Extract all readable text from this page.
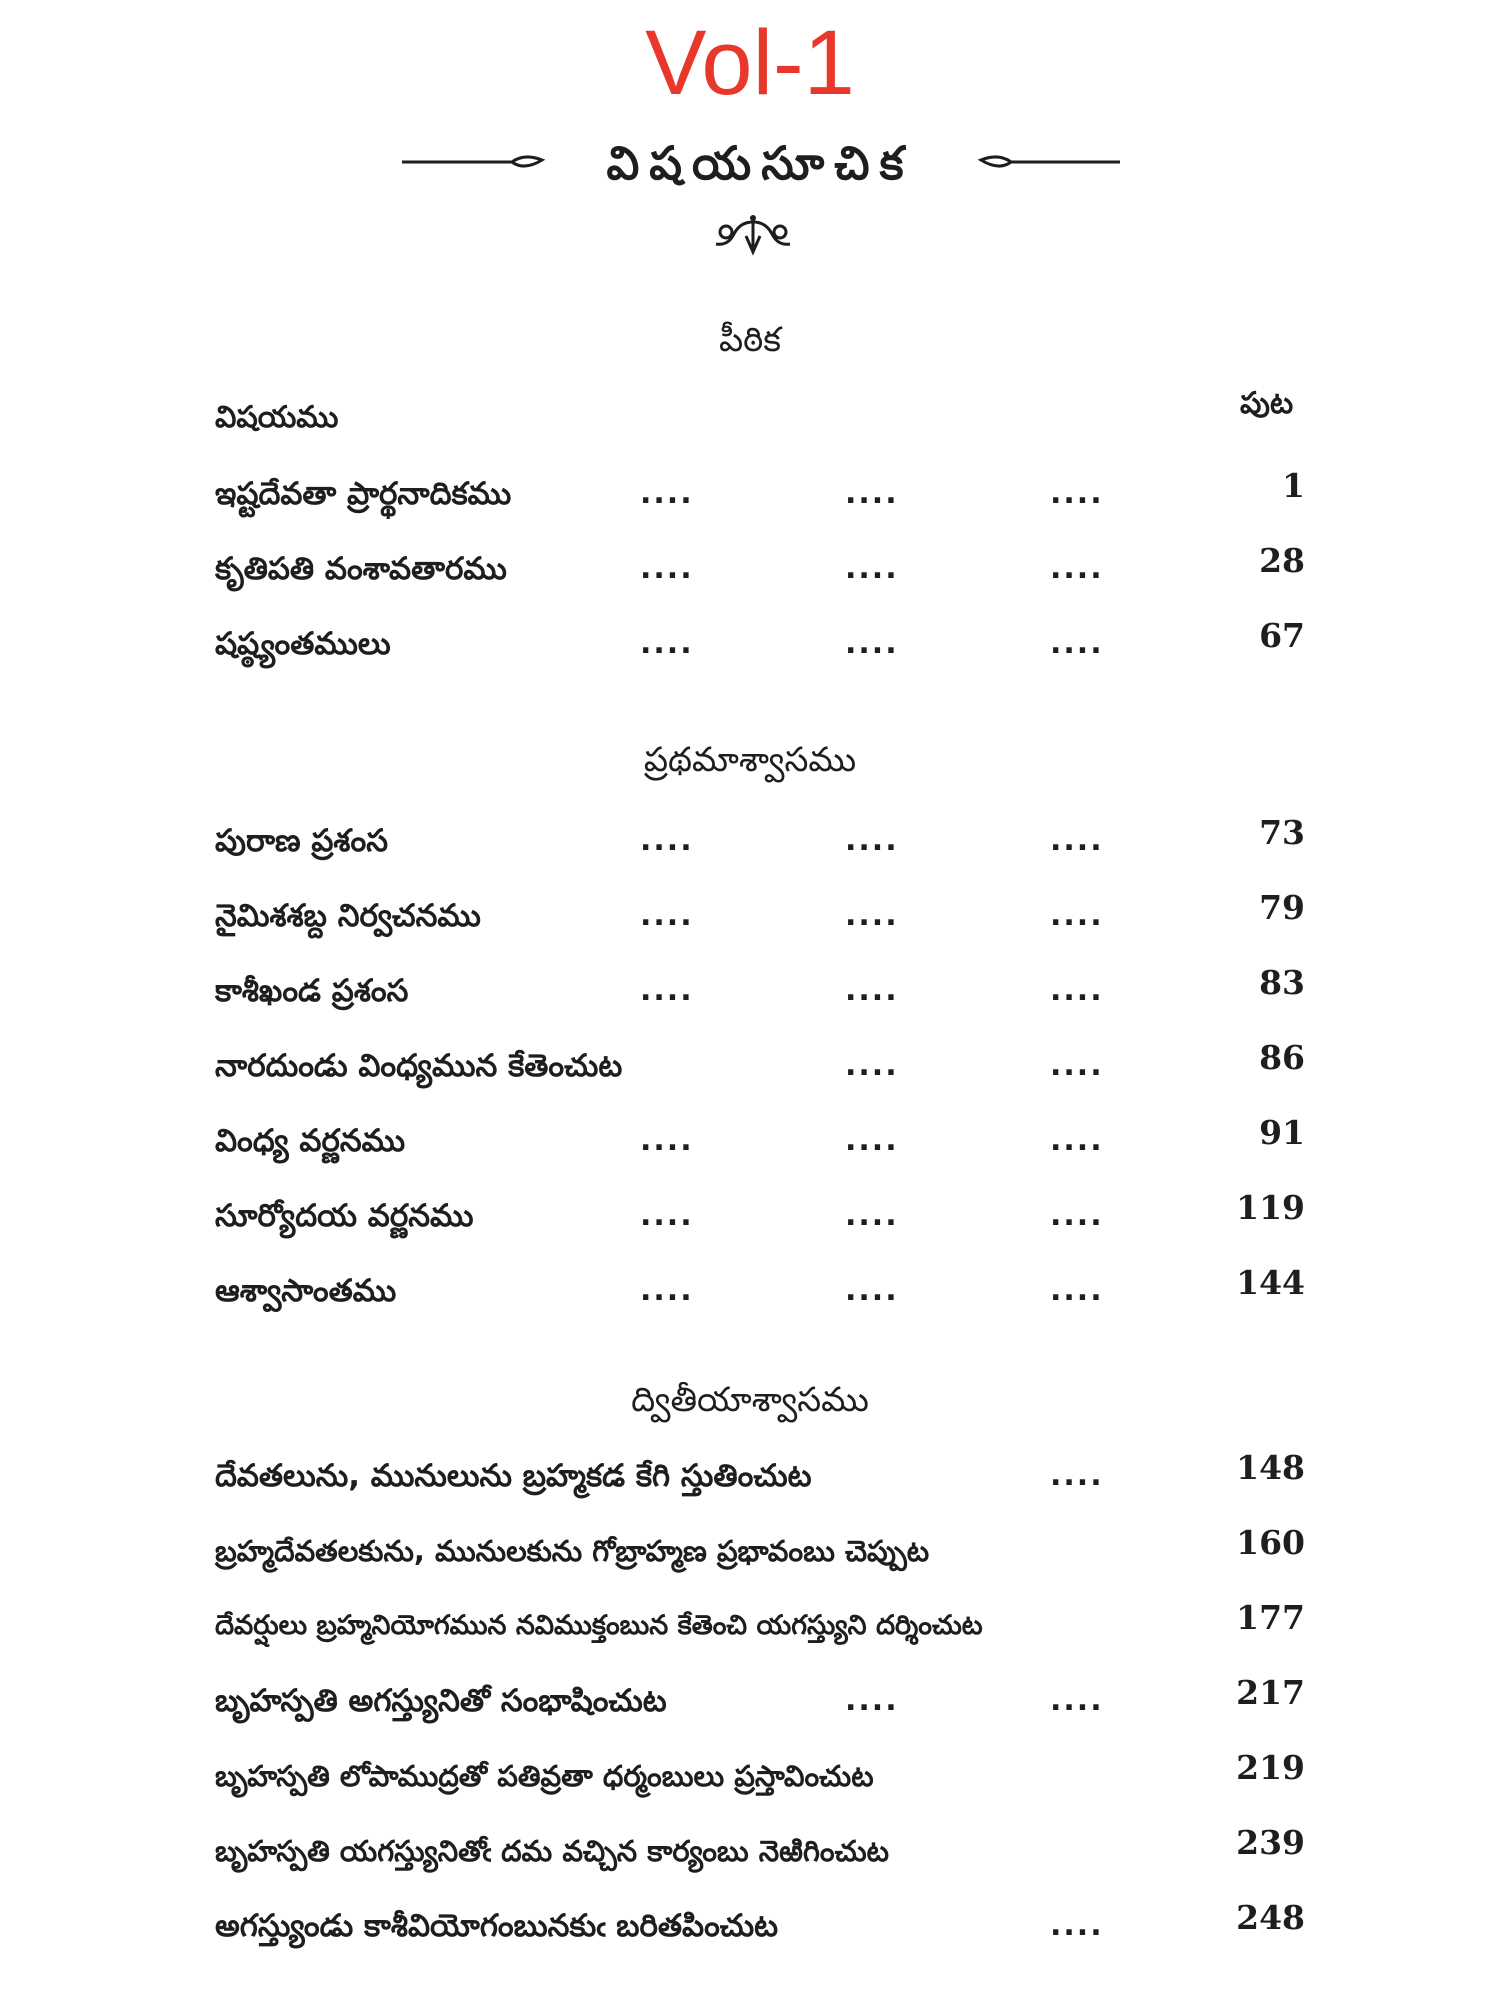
Vol-1
విషయసూచిక
పీఠిక
విషయము	పుట
ఇష్టదేవతా ప్రార్థనాదికము	....	....	....	1
కృతిపతి వంశావతారము	....	....	....	28
షష్ఠ్యంతములు	....	....	....	67
ప్రథమాశ్వాసము
పురాణ ప్రశంస	....	....	....	73
నైమిశశబ్ద నిర్వచనము	....	....	....	79
కాశీఖండ ప్రశంస	....	....	....	83
నారదుండు వింధ్యమున కేతెంచుట	....	....	86
వింధ్య వర్ణనము	....	....	....	91
సూర్యోదయ వర్ణనము	....	....	....	119
ఆశ్వాసాంతము	....	....	....	144
ద్వితీయాశ్వాసము
దేవతలును, మునులును బ్రహ్మకడ కేగి స్తుతించుట	....	148
బ్రహ్మదేవతలకును, మునులకును గోబ్రాహ్మణ ప్రభావంబు చెప్పుట	160
దేవర్షులు బ్రహ్మనియోగమున నవిముక్తంబున కేతెంచి యగస్త్యుని దర్శించుట	177
బృహస్పతి అగస్త్యునితో సంభాషించుట	....	....	217
బృహస్పతి లోపాముద్రతో పతివ్రతా ధర్మంబులు ప్రస్తావించుట	219
బృహస్పతి యగస్త్యునితోఁ దమ వచ్చిన కార్యంబు నెఱిగించుట	239
అగస్త్యుండు కాశీవియోగంబునకుఁ బరితపించుట	....	248
